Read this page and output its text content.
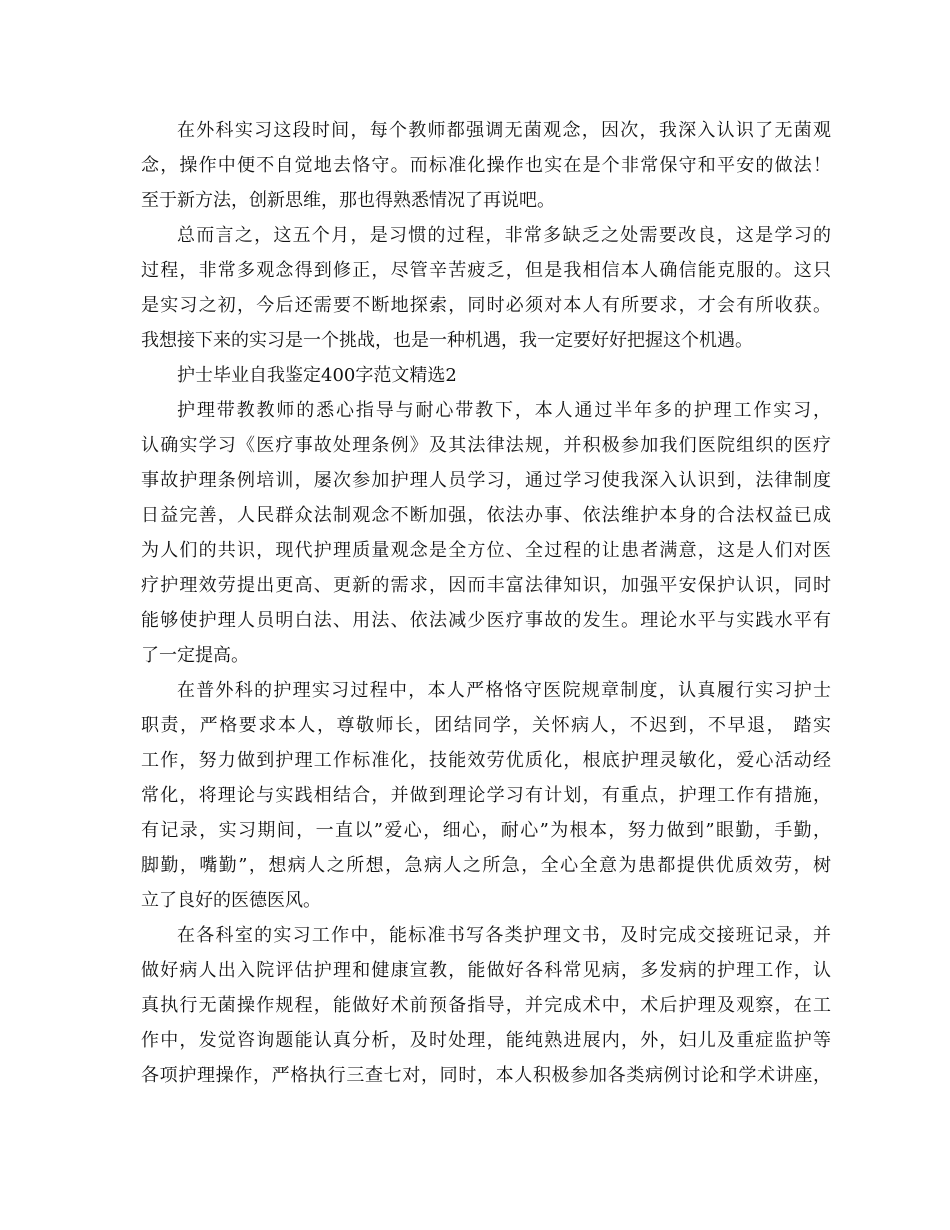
在外科实习这段时间，每个教师都强调无菌观念，因次，我深入认识了无菌观
念，操作中便不自觉地去恪守。而标准化操作也实在是个非常保守和平安的做法！
至于新方法，创新思维，那也得熟悉情况了再说吧。
总而言之，这五个月，是习惯的过程，非常多缺乏之处需要改良，这是学习的
过程，非常多观念得到修正，尽管辛苦疲乏，但是我相信本人确信能克服的。这只
是实习之初，今后还需要不断地探索，同时必须对本人有所要求，才会有所收获。
我想接下来的实习是一个挑战，也是一种机遇，我一定要好好把握这个机遇。
护士毕业自我鉴定400字范文精选2
护理带教教师的悉心指导与耐心带教下，本人通过半年多的护理工作实习，
认确实学习《医疗事故处理条例》及其法律法规，并积极参加我们医院组织的医疗
事故护理条例培训，屡次参加护理人员学习，通过学习使我深入认识到，法律制度
日益完善，人民群众法制观念不断加强，依法办事、依法维护本身的合法权益已成
为人们的共识，现代护理质量观念是全方位、全过程的让患者满意，这是人们对医
疗护理效劳提出更高、更新的需求，因而丰富法律知识，加强平安保护认识，同时
能够使护理人员明白法、用法、依法减少医疗事故的发生。理论水平与实践水平有
了一定提高。
在普外科的护理实习过程中，本人严格恪守医院规章制度，认真履行实习护士
职责，严格要求本人，尊敬师长，团结同学，关怀病人，不迟到，不早退， 踏实
工作，努力做到护理工作标准化，技能效劳优质化，根底护理灵敏化，爱心活动经
常化，将理论与实践相结合，并做到理论学习有计划，有重点，护理工作有措施，
有记录，实习期间，一直以”爱心，细心，耐心”为根本，努力做到”眼勤，手勤，
脚勤，嘴勤”，想病人之所想，急病人之所急，全心全意为患都提供优质效劳，树
立了良好的医德医风。
在各科室的实习工作中，能标准书写各类护理文书，及时完成交接班记录，并
做好病人出入院评估护理和健康宣教，能做好各科常见病，多发病的护理工作，认
真执行无菌操作规程，能做好术前预备指导，并完成术中，术后护理及观察，在工
作中，发觉咨询题能认真分析，及时处理，能纯熟进展内，外，妇儿及重症监护等
各项护理操作，严格执行三查七对，同时，本人积极参加各类病例讨论和学术讲座，
